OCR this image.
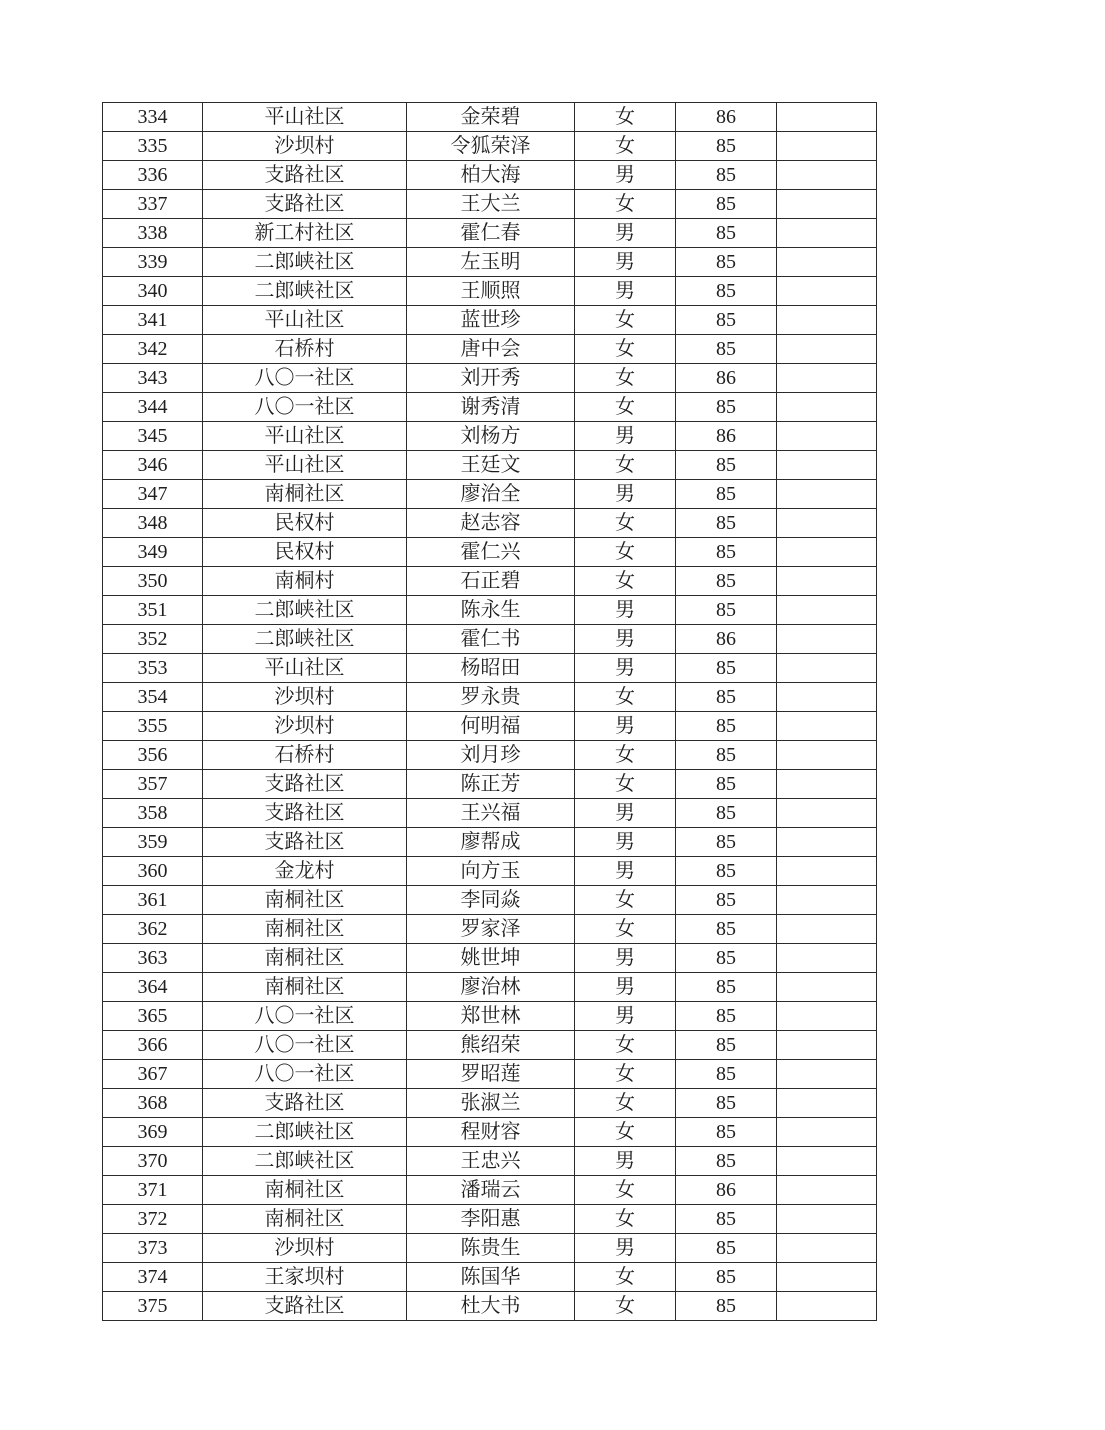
334	平山社区	金荣碧	女	86	
335	沙坝村	令狐荣泽	女	85	
336	支路社区	柏大海	男	85	
337	支路社区	王大兰	女	85	
338	新工村社区	霍仁春	男	85	
339	二郎峡社区	左玉明	男	85	
340	二郎峡社区	王顺照	男	85	
341	平山社区	蓝世珍	女	85	
342	石桥村	唐中会	女	85	
343	八〇一社区	刘开秀	女	86	
344	八〇一社区	谢秀清	女	85	
345	平山社区	刘杨方	男	86	
346	平山社区	王廷文	女	85	
347	南桐社区	廖治全	男	85	
348	民权村	赵志容	女	85	
349	民权村	霍仁兴	女	85	
350	南桐村	石正碧	女	85	
351	二郎峡社区	陈永生	男	85	
352	二郎峡社区	霍仁书	男	86	
353	平山社区	杨昭田	男	85	
354	沙坝村	罗永贵	女	85	
355	沙坝村	何明福	男	85	
356	石桥村	刘月珍	女	85	
357	支路社区	陈正芳	女	85	
358	支路社区	王兴福	男	85	
359	支路社区	廖帮成	男	85	
360	金龙村	向方玉	男	85	
361	南桐社区	李同焱	女	85	
362	南桐社区	罗家泽	女	85	
363	南桐社区	姚世坤	男	85	
364	南桐社区	廖治林	男	85	
365	八〇一社区	郑世林	男	85	
366	八〇一社区	熊绍荣	女	85	
367	八〇一社区	罗昭莲	女	85	
368	支路社区	张淑兰	女	85	
369	二郎峡社区	程财容	女	85	
370	二郎峡社区	王忠兴	男	85	
371	南桐社区	潘瑞云	女	86	
372	南桐社区	李阳惠	女	85	
373	沙坝村	陈贵生	男	85	
374	王家坝村	陈国华	女	85	
375	支路社区	杜大书	女	85	
